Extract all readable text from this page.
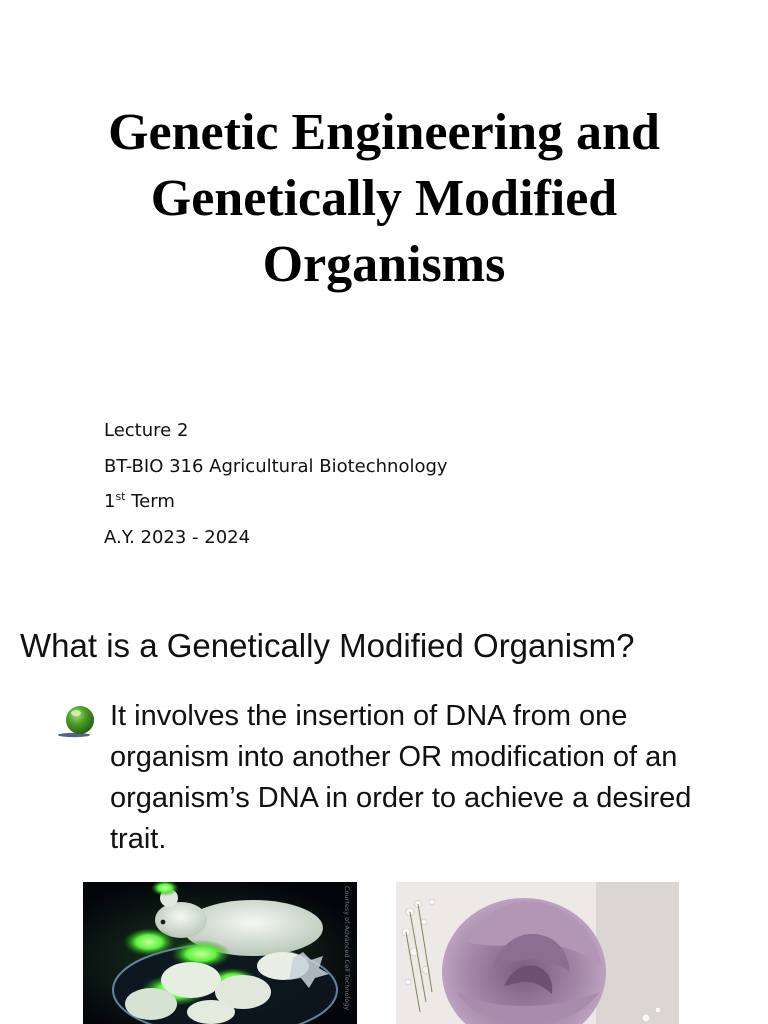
Genetic Engineering and
Genetically Modified
Organisms
Lecture 2
BT-BIO 316 Agricultural Biotechnology
1st Term
A.Y. 2023 - 2024
What is a Genetically Modified Organism?
It involves the insertion of DNA from one organism into another OR modification of an organism’s DNA in order to achieve a desired trait.
Courtesy of Advanced Cell Technology
